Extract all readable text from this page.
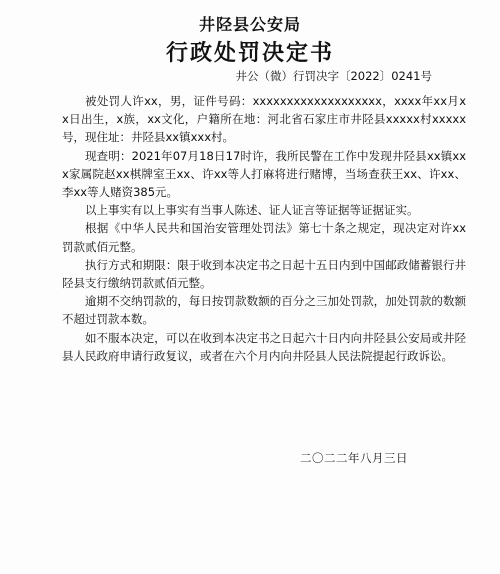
井陉县公安局
行政处罚决定书
井公（微）行罚决字〔2022〕0241号

被处罚人许xx，男，证件号码：xxxxxxxxxxxxxxxxxxx，xxxx年xx月xx日出生，x族，xx文化，户籍所在地：河北省石家庄市井陉县xxxxx村xxxxx号，现住址：井陉县xx镇xxx村。

现查明：2021年07月18日17时许，我所民警在工作中发现井陉县xx镇xxx家属院赵xx棋牌室王xx、许xx等人打麻将进行赌博，当场查获王xx、许xx、李xx等人赌资385元。

以上事实有以上事实有当事人陈述、证人证言等证据等证据证实。

根据《中华人民共和国治安管理处罚法》第七十条之规定，现决定对许xx罚款贰佰元整。

执行方式和期限：限于收到本决定书之日起十五日内到中国邮政储蓄银行井陉县支行缴纳罚款贰佰元整。

逾期不交纳罚款的，每日按罚款数额的百分之三加处罚款，加处罚款的数额不超过罚款本数。

如不服本决定，可以在收到本决定书之日起六十日内向井陉县公安局或井陉县人民政府申请行政复议，或者在六个月内向井陉县人民法院提起行政诉讼。

二〇二二年八月三日
